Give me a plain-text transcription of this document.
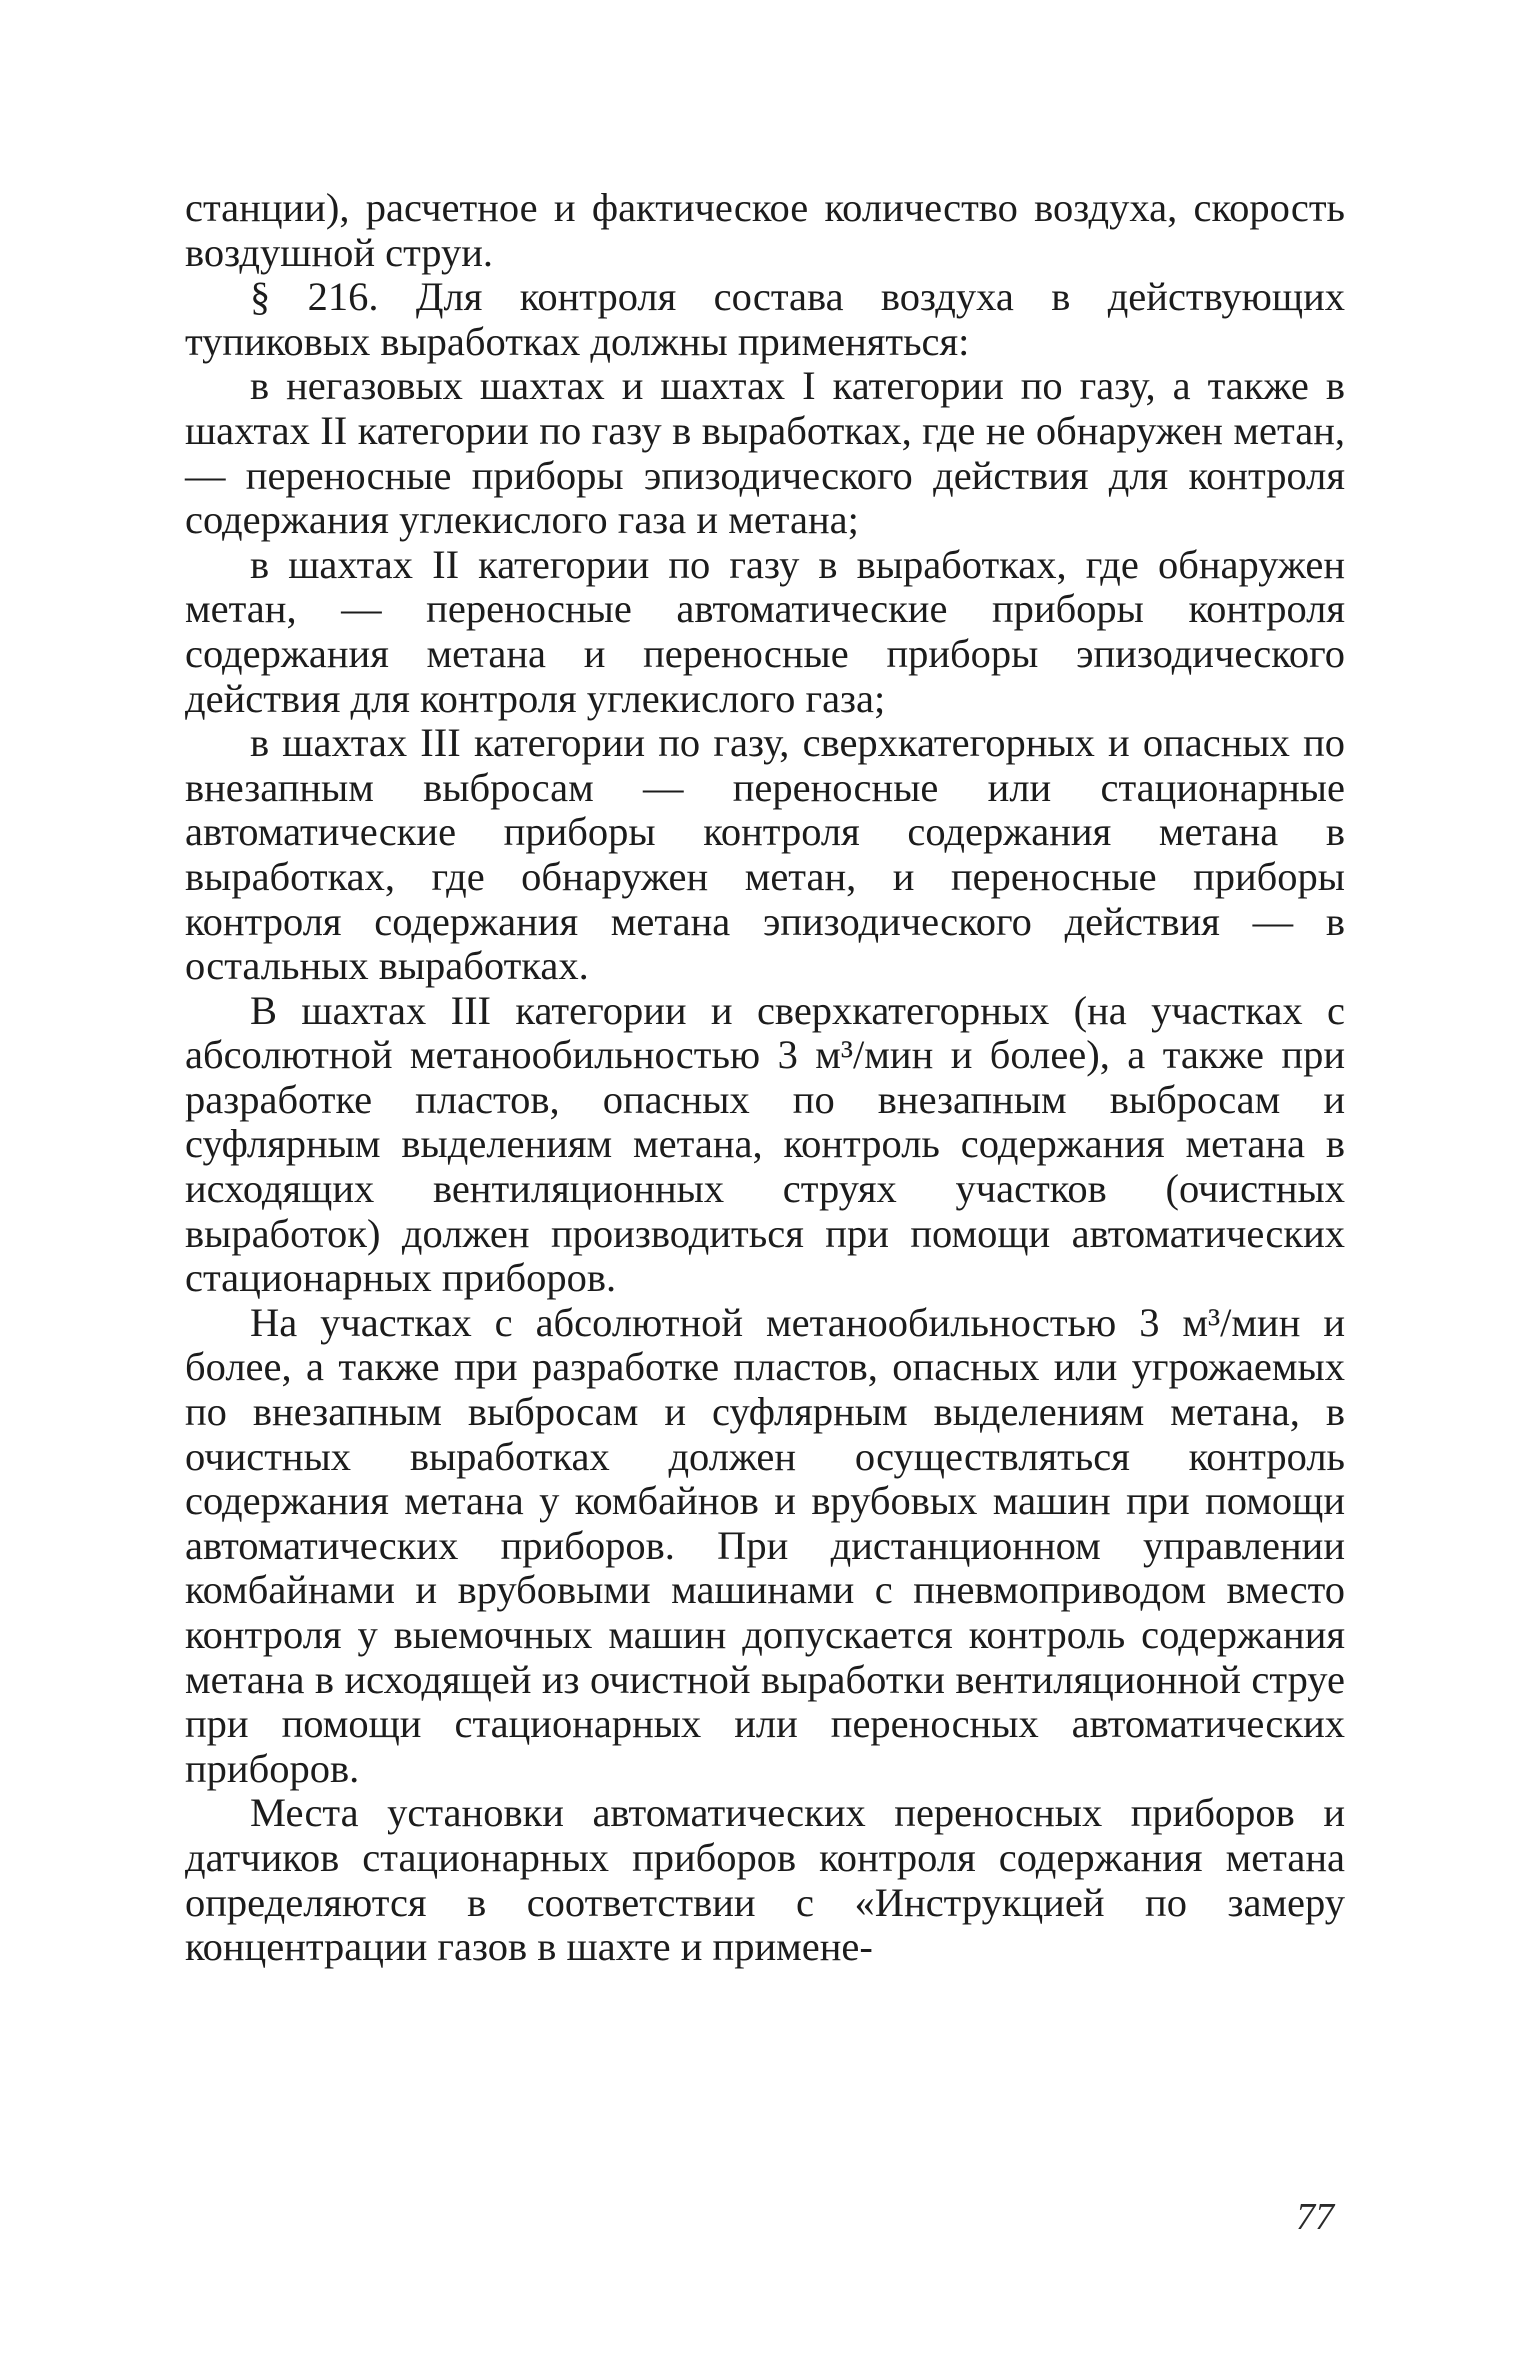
станции), расчетное и фактическое количество воздуха, скорость воздушной струи.

§ 216. Для контроля состава воздуха в действующих тупиковых выработках должны применяться:

в негазовых шахтах и шахтах I категории по газу, а также в шахтах II категории по газу в выработках, где не обнаружен метан, — переносные приборы эпизодического действия для контроля содержания углекислого газа и метана;

в шахтах II категории по газу в выработках, где обнаружен метан, — переносные автоматические приборы контроля содержания метана и переносные приборы эпизодического действия для контроля углекислого газа;

в шахтах III категории по газу, сверхкатегорных и опасных по внезапным выбросам — переносные или стационарные автоматические приборы контроля содержания метана в выработках, где обнаружен метан, и переносные приборы контроля содержания метана эпизодического действия — в остальных выработках.

В шахтах III категории и сверхкатегорных (на участках с абсолютной метанообильностью 3 м³/мин и более), а также при разработке пластов, опасных по внезапным выбросам и суфлярным выделениям метана, контроль содержания метана в исходящих вентиляционных струях участков (очистных выработок) должен производиться при помощи автоматических стационарных приборов.

На участках с абсолютной метанообильностью 3 м³/мин и более, а также при разработке пластов, опасных или угрожаемых по внезапным выбросам и суфлярным выделениям метана, в очистных выработках должен осуществляться контроль содержания метана у комбайнов и врубовых машин при помощи автоматических приборов. При дистанционном управлении комбайнами и врубовыми машинами с пневмоприводом вместо контроля у выемочных машин допускается контроль содержания метана в исходящей из очистной выработки вентиляционной струе при помощи стационарных или переносных автоматических приборов.

Места установки автоматических переносных приборов и датчиков стационарных приборов контроля содержания метана определяются в соответствии с «Инструкцией по замеру концентрации газов в шахте и примене-

77
